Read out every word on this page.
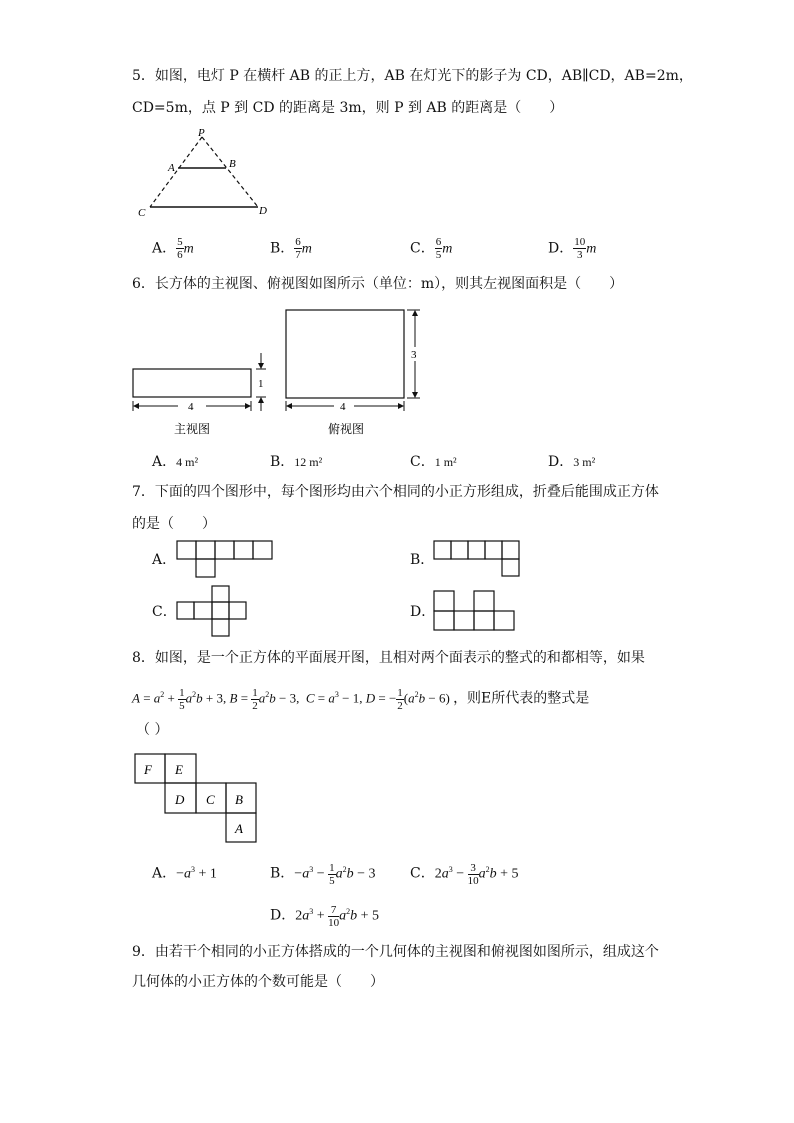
5．如图，电灯 P 在横杆 AB 的正上方，AB 在灯光下的影子为 CD，AB∥CD，AB=2m，
CD=5m，点 P 到 CD 的距离是 3m，则 P 到 AB 的距离是（　　）
P
A	B
C	D
A． $\frac{5}{6}$ m	B． $\frac{6}{7}$ m	C． $\frac{6}{5}$ m	D． $\frac{10}{3}$ m
6．长方体的主视图、俯视图如图所示（单位：m），则其左视图面积是（　　）
4
1
主视图
4
3
俯视图
A．4 m²	B．12 m²	C．1 m²	D．3 m²
7．下面的四个图形中，每个图形均由六个相同的小正方形组成，折叠后能围成正方体
的是（　　）
A．	B．
C．	D．
8．如图，是一个正方体的平面展开图，且相对两个面表示的整式的和都相等，如果
$A = a^2 + \frac{1}{5} a^2b + 3$, $B = \frac{1}{2} a^2b - 3$,  $C = a^3 - 1$, D = − $\frac{1}{2} (a^2b - 6)$ ，则E所代表的整式是
（ ）
F E
D C B
A
A．$-a^3 + 1$	B．$-a^3 - \frac{1}{5} a^2b - 3$ C．$2a^3 - \frac{3}{10} a^2b + 5$
D．$2a^3 + \frac{7}{10} a^2b + 5$
9．由若干个相同的小正方体搭成的一个几何体的主视图和俯视图如图所示，组成这个
几何体的小正方体的个数可能是（　　）
